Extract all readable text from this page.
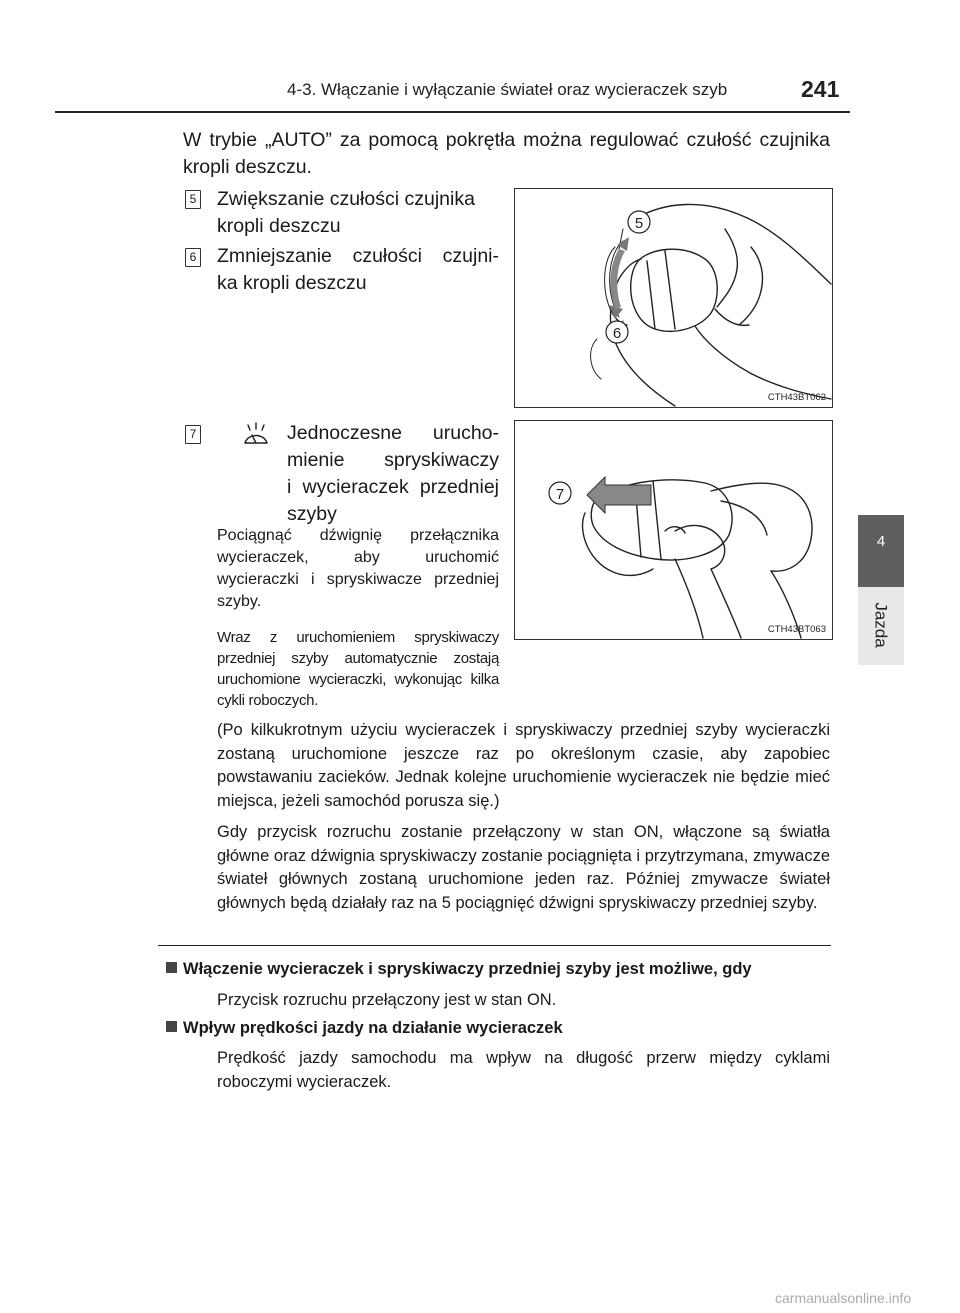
4-3. Włączanie i wyłączanie świateł oraz wycieraczek szyb	241
4
Jazda
W trybie „AUTO” za pomocą pokrętła można regulować czułość czujnika kropli deszczu.
5 Zwiększanie czułości czujnika kropli deszczu
6 Zmniejszanie czułości czujni-
ka kropli deszczu
5
6
CTH43BT062
7	Jednoczesne urucho-
mienie spryskiwaczy
i wycieraczek przedniej
szyby
Pociągnąć dźwignię przełącznika wycieraczek, aby uruchomić wycieraczki i spryskiwacze przedniej szyby.
Wraz z uruchomieniem spryskiwaczy przedniej szyby automatycznie zostają uruchomione wycieraczki, wykonując kilka cykli roboczych.
7
CTH43BT063
(Po kilkukrotnym użyciu wycieraczek i spryskiwaczy przedniej szyby wycieraczki zostaną uruchomione jeszcze raz po określonym czasie, aby zapobiec powstawaniu zacieków. Jednak kolejne uruchomienie wycieraczek nie będzie mieć miejsca, jeżeli samochód porusza się.)
Gdy przycisk rozruchu zostanie przełączony w stan ON, włączone są światła główne oraz dźwignia spryskiwaczy zostanie pociągnięta i przytrzymana, zmywacze świateł głównych zostaną uruchomione jeden raz. Później zmywacze świateł głównych będą działały raz na 5 pociągnięć dźwigni spryskiwaczy przedniej szyby.
Włączenie wycieraczek i spryskiwaczy przedniej szyby jest możliwe, gdy
Przycisk rozruchu przełączony jest w stan ON.
Wpływ prędkości jazdy na działanie wycieraczek
Prędkość jazdy samochodu ma wpływ na długość przerw między cyklami roboczymi wycieraczek.
carmanualsonline.info
